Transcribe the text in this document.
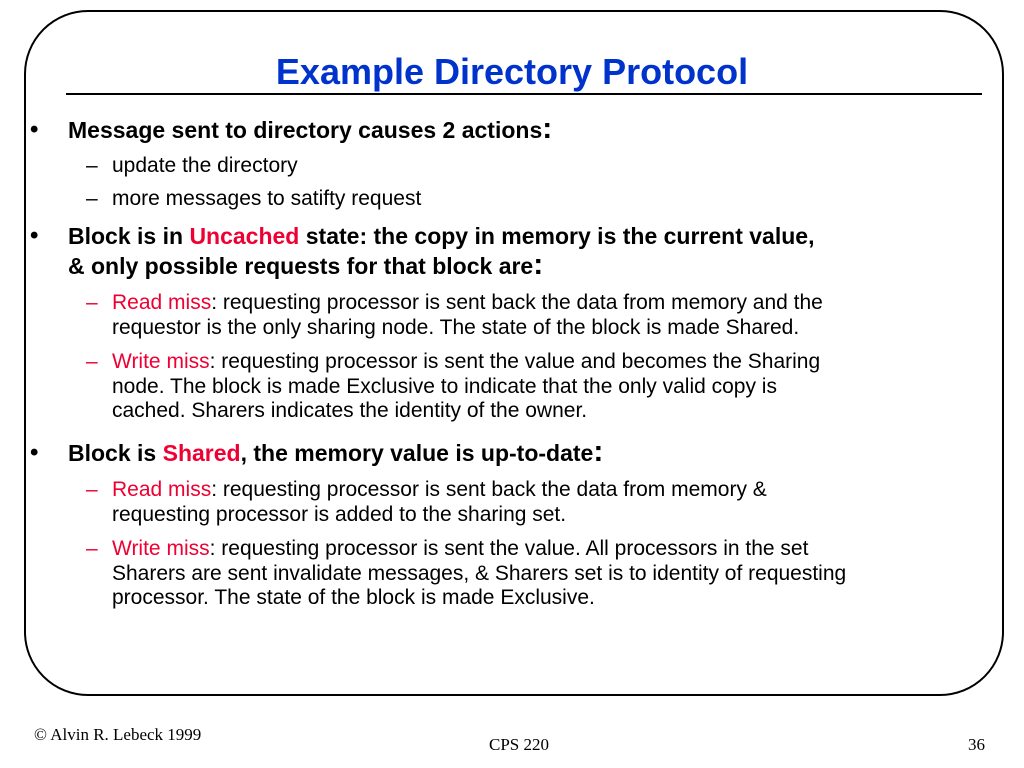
Example Directory Protocol
• Message sent to directory causes 2 actions:
– update the directory
– more messages to satifty request
• Block is in Uncached state: the copy in memory is the current value,
& only possible requests for that block are:
– Read miss: requesting processor is sent back the data from memory and the
requestor is the only sharing node. The state of the block is made Shared.
– Write miss: requesting processor is sent the value and becomes the Sharing
node. The block is made Exclusive to indicate that the only valid copy is
cached. Sharers indicates the identity of the owner.
• Block is Shared, the memory value is up-to-date:
– Read miss: requesting processor is sent back the data from memory &
requesting processor is added to the sharing set.
– Write miss: requesting processor is sent the value. All processors in the set
Sharers are sent invalidate messages, & Sharers set is to identity of requesting
processor. The state of the block is made Exclusive.
© Alvin R. Lebeck 1999
CPS 220	36
